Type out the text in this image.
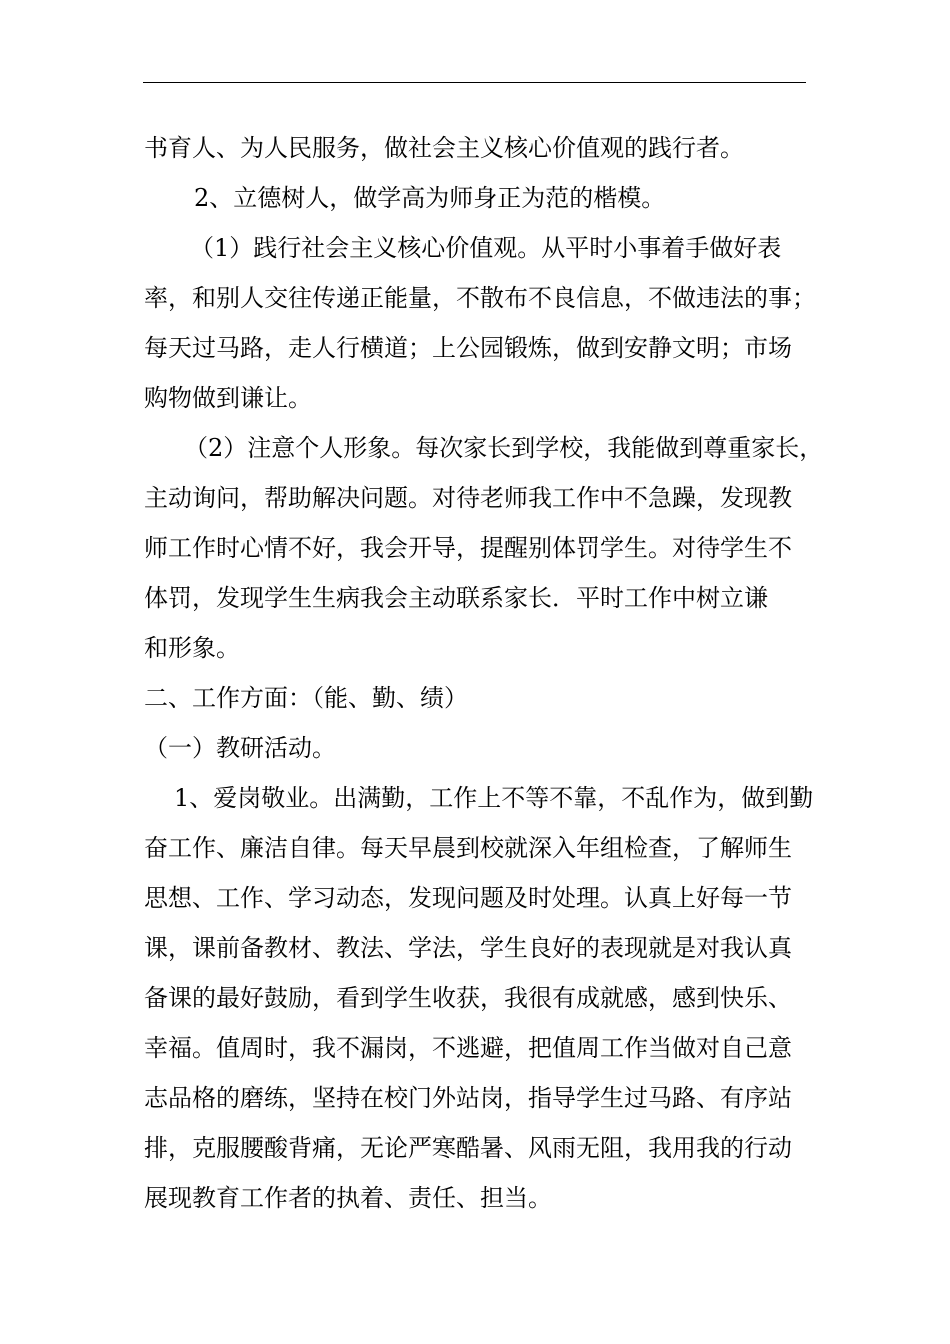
书育人、为人民服务，做社会主义核心价值观的践行者。
2、立德树人，做学高为师身正为范的楷模。
（1）践行社会主义核心价值观。从平时小事着手做好表
率，和别人交往传递正能量，不散布不良信息，不做违法的事；
每天过马路，走人行横道；上公园锻炼，做到安静文明；市场
购物做到谦让。
（2）注意个人形象。每次家长到学校，我能做到尊重家长，
主动询问，帮助解决问题。对待老师我工作中不急躁，发现教
师工作时心情不好，我会开导，提醒别体罚学生。对待学生不
体罚，发现学生生病我会主动联系家长．平时工作中树立谦
和形象。
二、工作方面：（能、勤、绩）
（一）教研活动。
1、爱岗敬业。出满勤，工作上不等不靠，不乱作为，做到勤
奋工作、廉洁自律。每天早晨到校就深入年组检查，了解师生
思想、工作、学习动态，发现问题及时处理。认真上好每一节
课，课前备教材、教法、学法，学生良好的表现就是对我认真
备课的最好鼓励，看到学生收获，我很有成就感，感到快乐、
幸福。值周时，我不漏岗，不逃避，把值周工作当做对自己意
志品格的磨练，坚持在校门外站岗，指导学生过马路、有序站
排，克服腰酸背痛，无论严寒酷暑、风雨无阻，我用我的行动
展现教育工作者的执着、责任、担当。
